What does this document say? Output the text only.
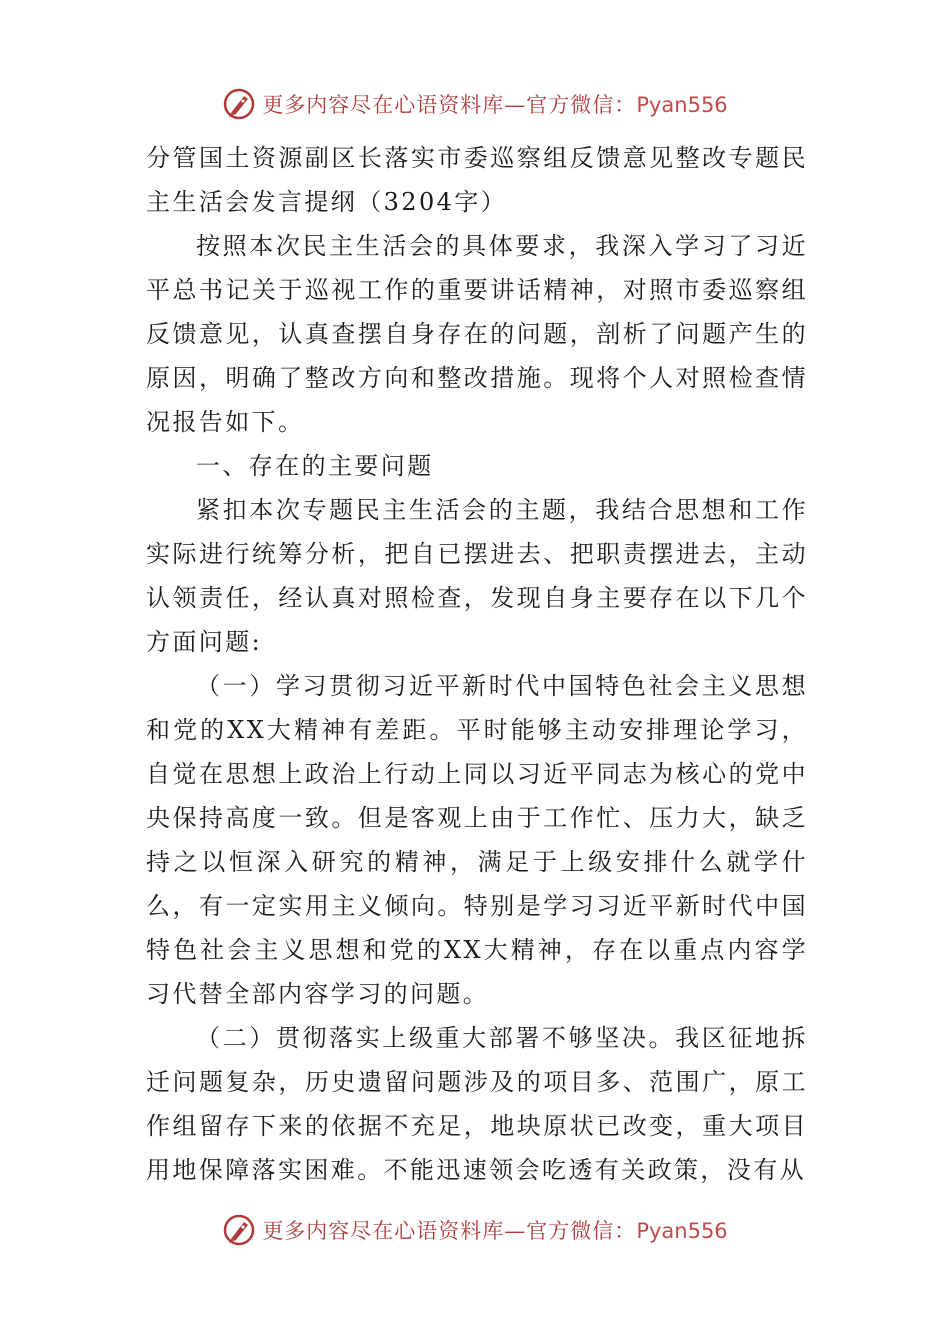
更多内容尽在心语资料库—官方微信：Pyan556

分管国土资源副区长落实市委巡察组反馈意见整改专题民主生活会发言提纲（3204字）

按照本次民主生活会的具体要求，我深入学习了习近平总书记关于巡视工作的重要讲话精神，对照市委巡察组反馈意见，认真查摆自身存在的问题，剖析了问题产生的原因，明确了整改方向和整改措施。现将个人对照检查情况报告如下。

一、存在的主要问题

紧扣本次专题民主生活会的主题，我结合思想和工作实际进行统筹分析，把自已摆进去、把职责摆进去，主动认领责任，经认真对照检查，发现自身主要存在以下几个方面问题:

（一）学习贯彻习近平新时代中国特色社会主义思想和党的XX大精神有差距。平时能够主动安排理论学习，自觉在思想上政治上行动上同以习近平同志为核心的党中央保持高度一致。但是客观上由于工作忙、压力大，缺乏持之以恒深入研究的精神，满足于上级安排什么就学什么，有一定实用主义倾向。特别是学习习近平新时代中国特色社会主义思想和党的XX大精神，存在以重点内容学习代替全部内容学习的问题。

（二）贯彻落实上级重大部署不够坚决。我区征地拆迁问题复杂，历史遗留问题涉及的项目多、范围广，原工作组留存下来的依据不充足，地块原状已改变，重大项目用地保障落实困难。不能迅速领会吃透有关政策，没有从

更多内容尽在心语资料库—官方微信：Pyan556
